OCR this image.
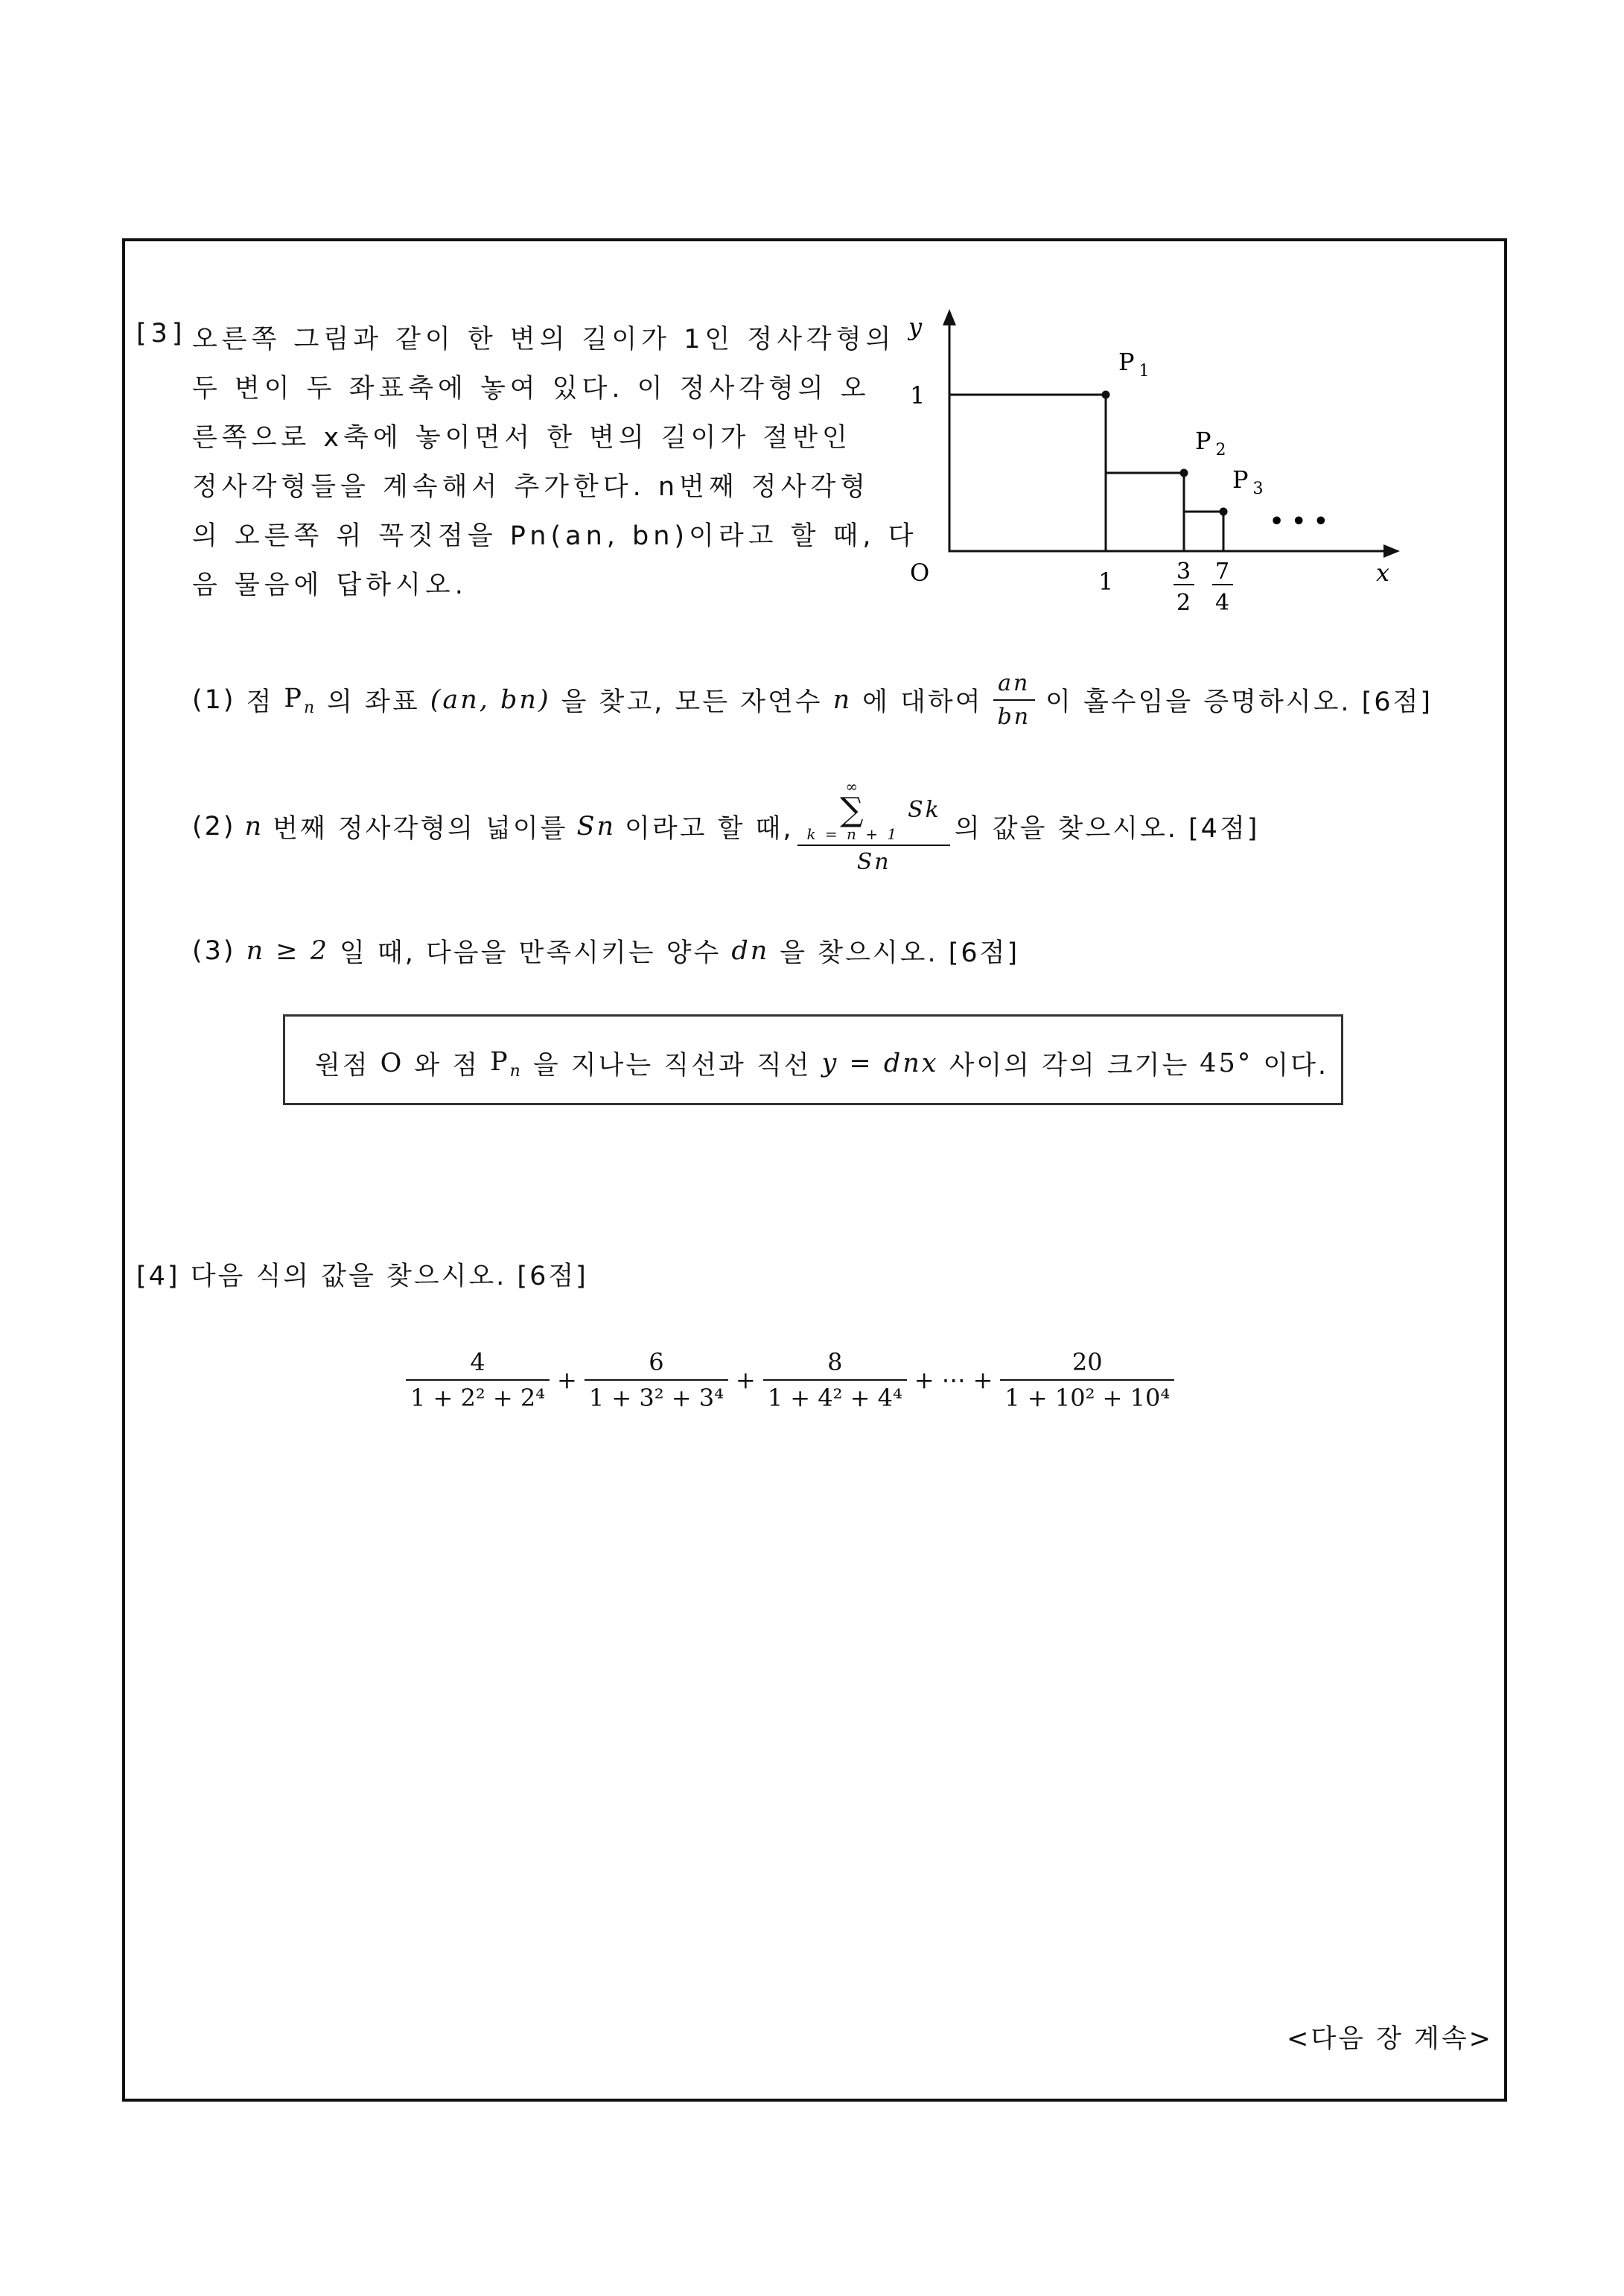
[3] 오른쪽 그림과 같이 한 변의 길이가 1인 정사각형의
두 변이 두 좌표축에 놓여 있다. 이 정사각형의 오
른쪽으로 x축에 놓이면서 한 변의 길이가 절반인
정사각형들을 계속해서 추가한다. n번째 정사각형
의 오른쪽 위 꼭짓점을 Pn(an, bn)이라고 할 때, 다
음 물음에 답하시오.
y
x
O
1
1	3
2
7
4
P $_1$
P $_2$
P $_3$
• • •
(1) 점 $P_n$ 의 좌표 (an, bn) 을 찾고, 모든 자연수 n 에 대하여 $\frac{an}{bn}$ 이 홀수임을 증명하시오. [6점]
(2) n 번째 정사각형의 넓이를 Sn 이라고 할 때, ∞
∑
k = n + 1
Sk
Sn 의 값을 찾으시오. [4점]
(3) n ≥ 2 일 때, 다음을 만족시키는 양수 dn 을 찾으시오. [6점]
원점 O 와 점 $P_n$ 을 지나는 직선과 직선 y = dnx 사이의 각의 크기는 45° 이다.
[4] 다음 식의 값을 찾으시오. [6점]
$\frac{4}{\text{1 + 2² + 2⁴}} + \frac{6}{\text{1 + 3² + 3⁴}} + \frac{8}{\text{1 + 4² + 4⁴}}$ + ⋯ + $\frac{20}{\text{1 + 10² + 10⁴}}$
<다음 장 계속>
